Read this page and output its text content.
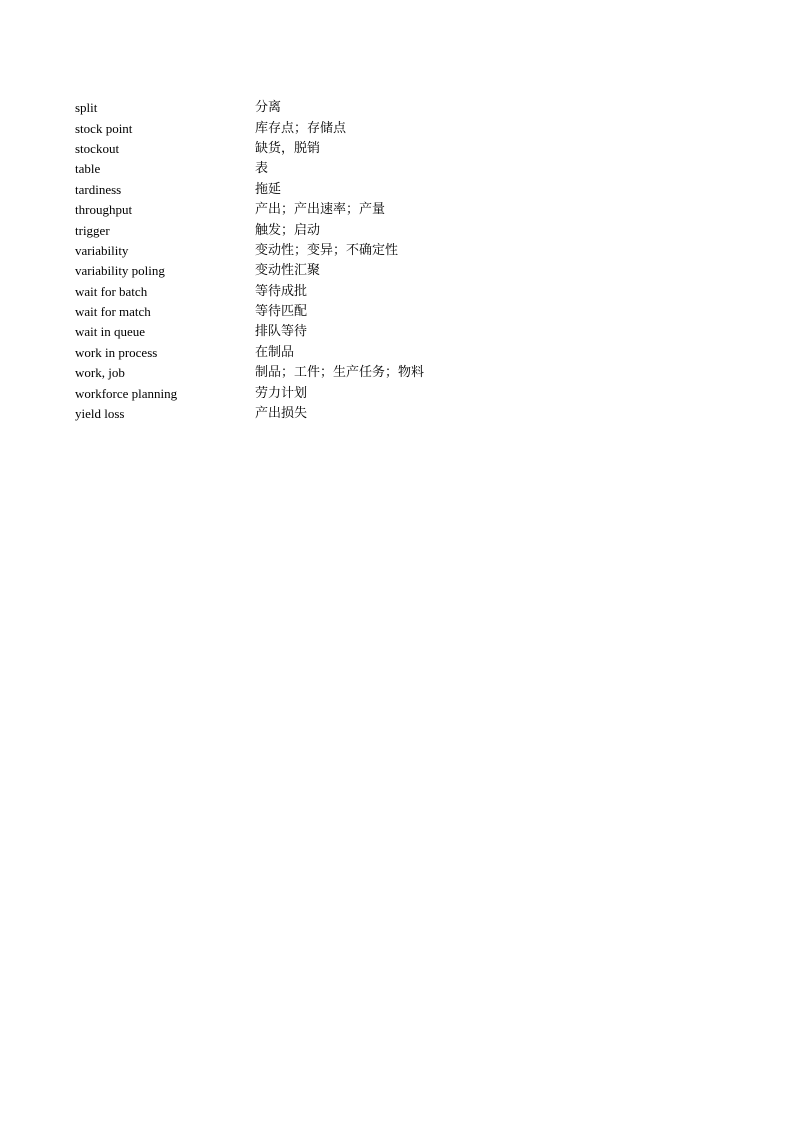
split	分离
stock point	库存点；存储点
stockout	缺货，脱销
table	表
tardiness	拖延
throughput	产出；产出速率；产量
trigger	触发；启动
variability	变动性；变异；不确定性
variability poling	变动性汇聚
wait for batch	等待成批
wait for match	等待匹配
wait in queue	排队等待
work in process	在制品
work, job	制品；工件；生产任务；物料
workforce planning	劳力计划
yield loss	产出损失
